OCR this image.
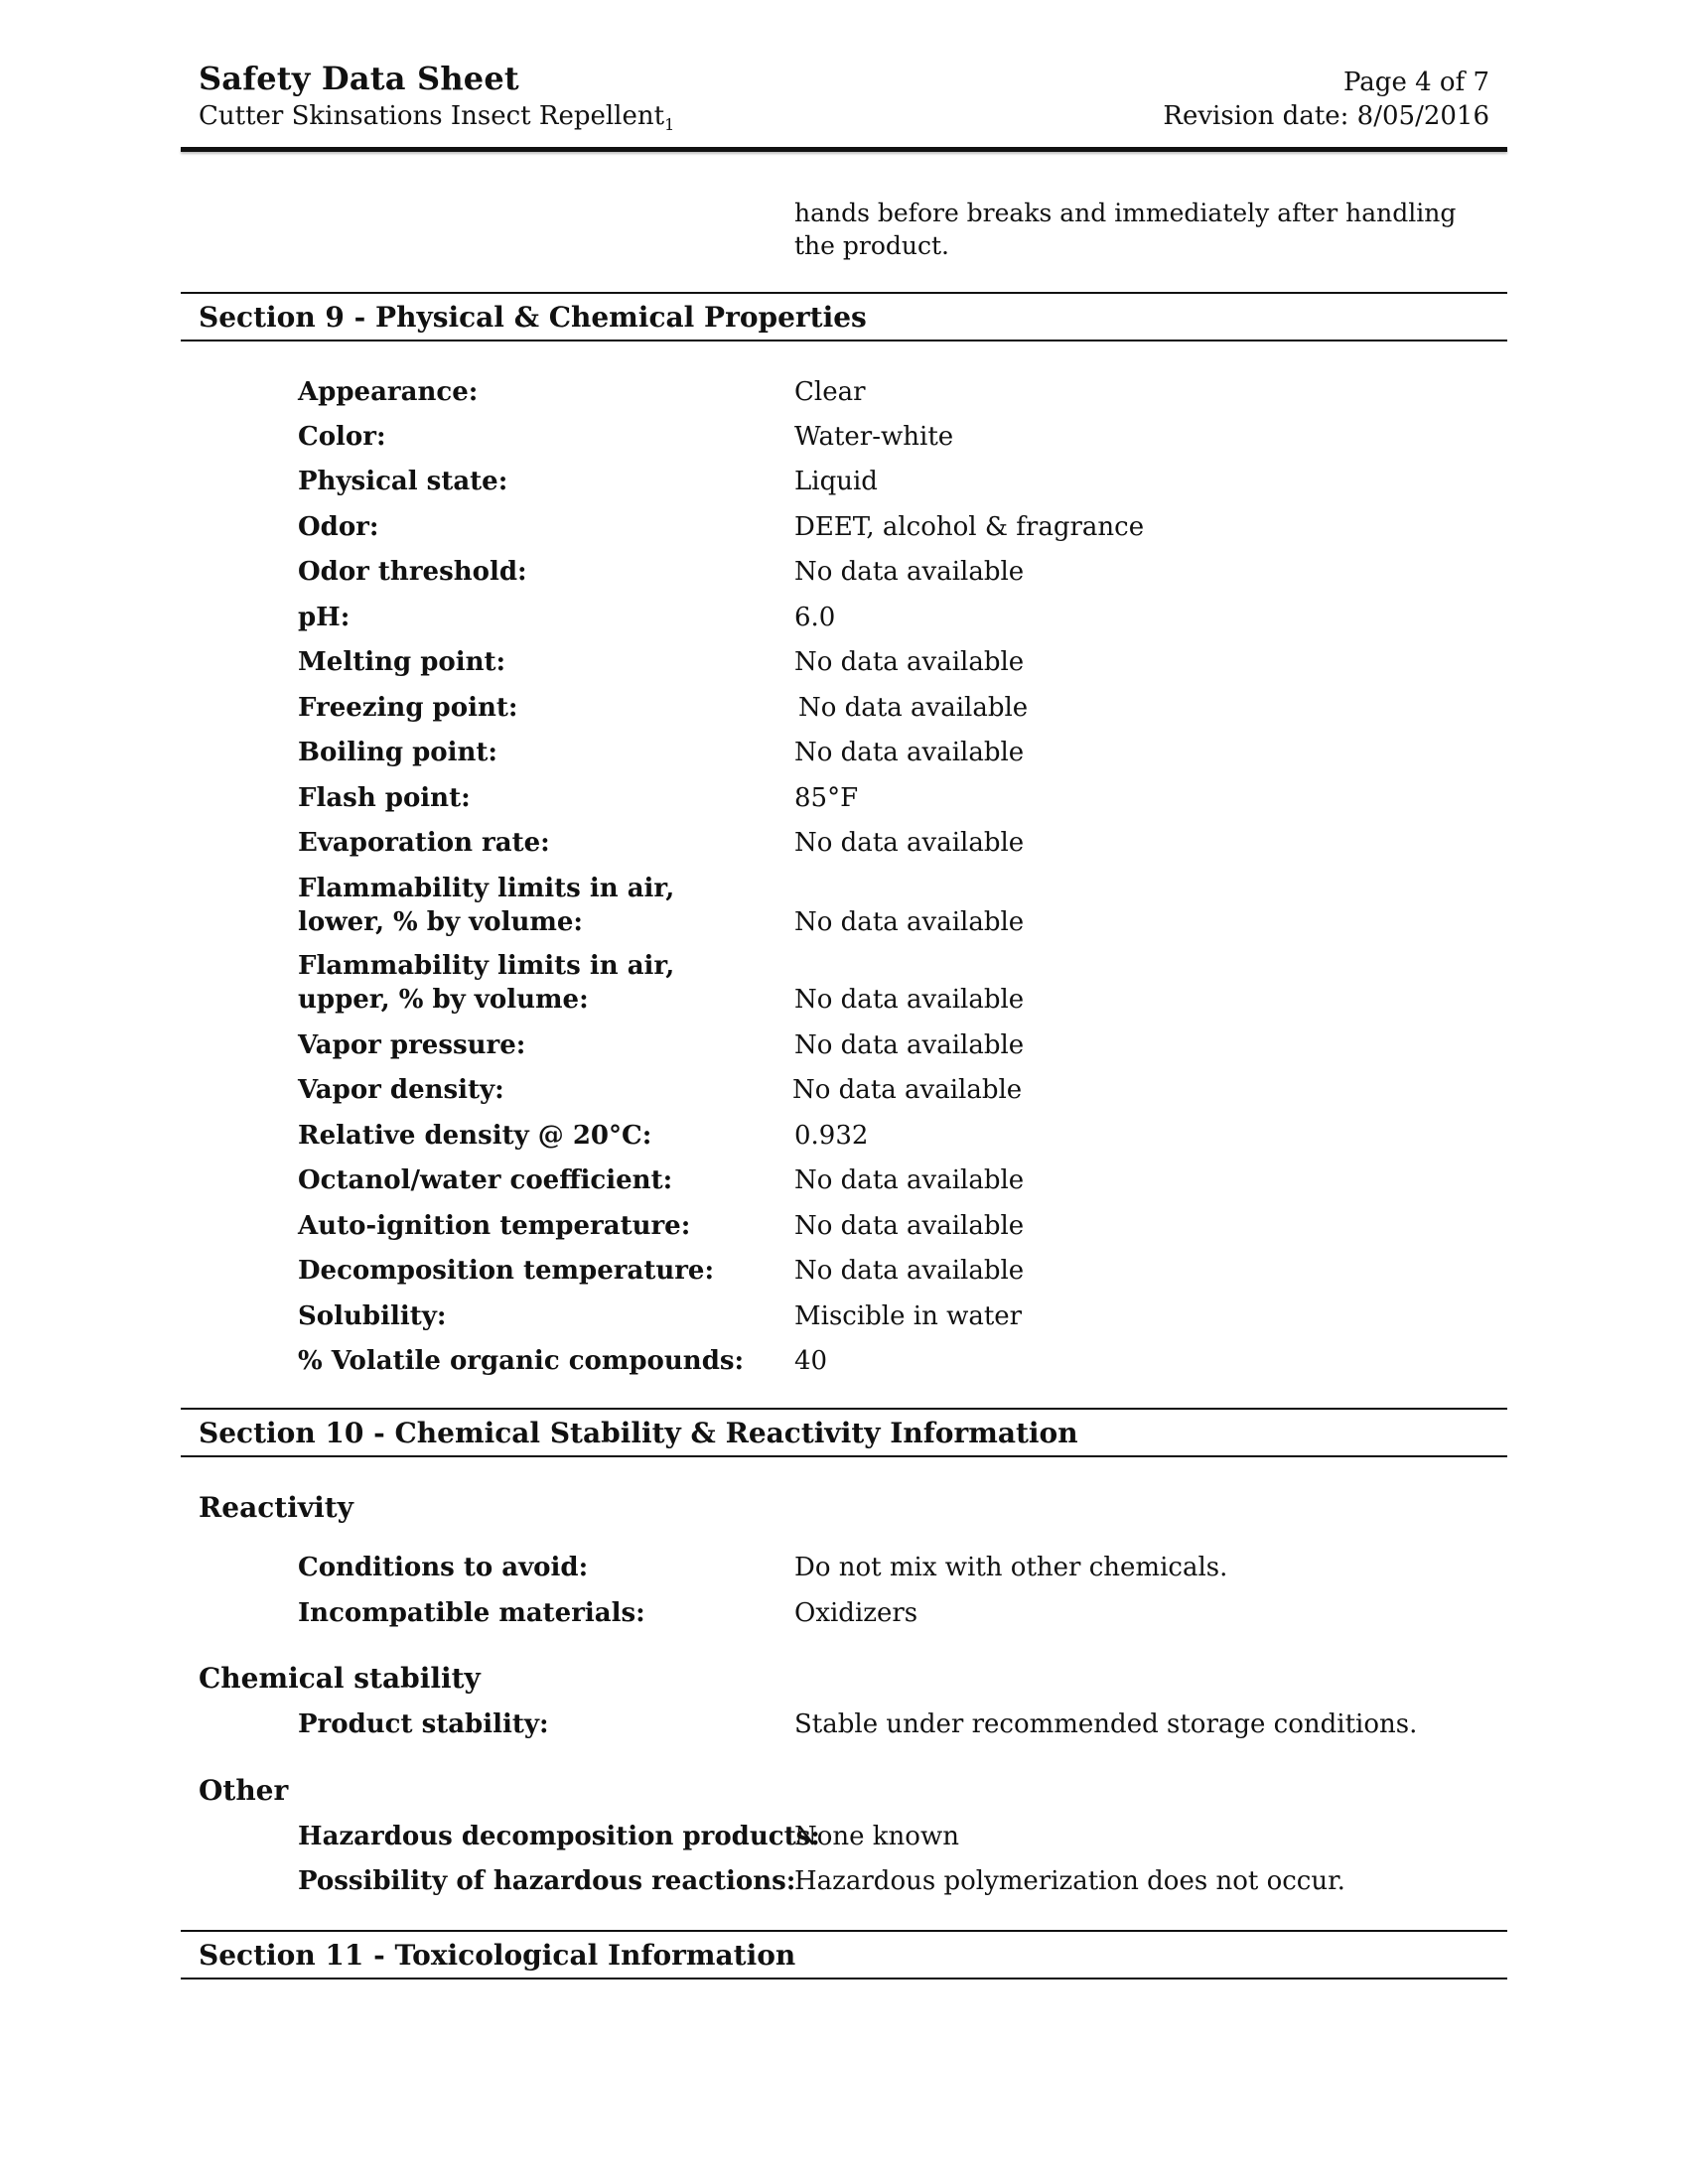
Safety Data Sheet
Cutter Skinsations Insect Repellent$_1$
Page 4 of 7
Revision date: 8/05/2016
hands before breaks and immediately after handling the product.
Section 9 - Physical & Chemical Properties
Appearance:	Clear
Color:	Water-white
Physical state:	Liquid
Odor:	DEET, alcohol & fragrance
Odor threshold:	No data available
pH:	6.0
Melting point:	No data available
Freezing point:	No data available
Boiling point:	No data available
Flash point:	85°F
Evaporation rate:	No data available
Flammability limits in air,
lower, % by volume:	No data available
Flammability limits in air,
upper, % by volume:	No data available
Vapor pressure:	No data available
Vapor density:	No data available
Relative density @ 20°C:	0.932
Octanol/water coefficient:	No data available
Auto-ignition temperature:	No data available
Decomposition temperature:	No data available
Solubility:	Miscible in water
% Volatile organic compounds: 40
Section 10 - Chemical Stability & Reactivity Information
Reactivity
Conditions to avoid:	Do not mix with other chemicals.
Incompatible materials:	Oxidizers
Chemical stability
Product stability:	Stable under recommended storage conditions.
Other
Hazardous decomposition products:
None known
Possibility of hazardous reactions:
Hazardous polymerization does not occur.
Section 11 - Toxicological Information
